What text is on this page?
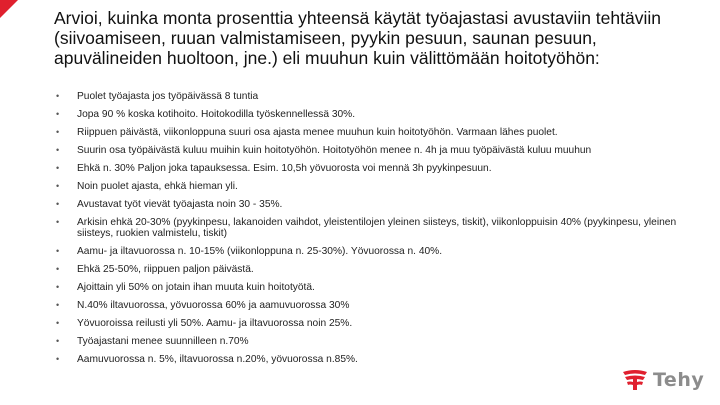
Arvioi, kuinka monta prosenttia yhteensä käytät työajastasi avustaviin tehtäviin (siivoamiseen, ruuan valmistamiseen, pyykin pesuun, saunan pesuun, apuvälineiden huoltoon, jne.) eli muuhun kuin välittömään hoitotyöhön:
• Puolet työajasta jos työpäivässä 8 tuntia
• Jopa 90 % koska kotihoito. Hoitokodilla työskennellessä 30%.
• Riippuen päivästä, viikonloppuna suuri osa ajasta menee muuhun kuin hoitotyöhön. Varmaan lähes puolet.
• Suurin osa työpäivästä kuluu muihin kuin hoitotyöhön. Hoitotyöhön menee n. 4h ja muu työpäivästä kuluu muuhun
• Ehkä n. 30% Paljon joka tapauksessa. Esim. 10,5h yövuorosta voi mennä 3h pyykinpesuun.
• Noin puolet ajasta, ehkä hieman yli.
• Avustavat työt vievät työajasta noin 30 - 35%.
• Arkisin ehkä 20-30% (pyykinpesu, lakanoiden vaihdot, yleistentilojen yleinen siisteys, tiskit), viikonloppuisin 40% (pyykinpesu, yleinen siisteys, ruokien valmistelu, tiskit)
• Aamu- ja iltavuorossa n. 10-15% (viikonloppuna n. 25-30%). Yövuorossa n. 40%.
• Ehkä 25-50%, riippuen paljon päivästä.
• Ajoittain yli 50% on jotain ihan muuta kuin hoitotyötä.
• N.40% iltavuorossa, yövuorossa 60% ja aamuvuorossa 30%
• Yövuoroissa reilusti yli 50%. Aamu- ja iltavuorossa noin 25%.
• Työajastani menee suunnilleen n.70%
• Aamuvuorossa n. 5%, iltavuorossa n.20%, yövuorossa n.85%.
Tehy
